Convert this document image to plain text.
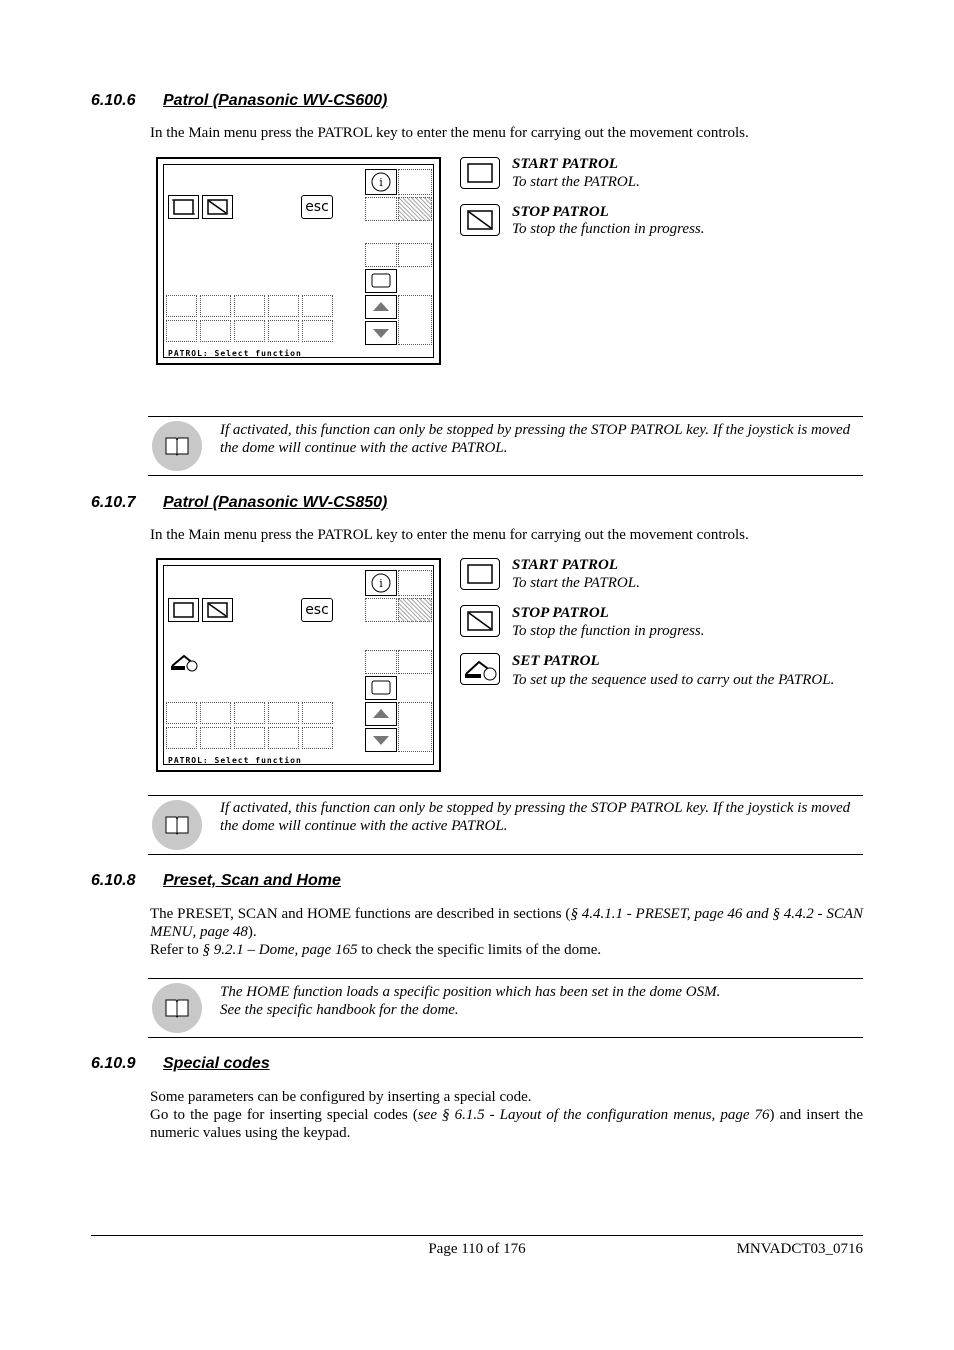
6.10.6 Patrol (Panasonic WV-CS600)
In the Main menu press the PATROL key to enter the menu for carrying out the movement controls.
esc
i
PATROL: Select function
START PATROL
To start the PATROL.
STOP PATROL
To stop the function in progress.
If activated, this function can only be stopped by pressing the STOP PATROL key. If the joystick is moved the dome will continue with the active PATROL.
6.10.7 Patrol (Panasonic WV-CS850)
In the Main menu press the PATROL key to enter the menu for carrying out the movement controls.
esc
i
PATROL: Select function
START PATROL
To start the PATROL.
STOP PATROL
To stop the function in progress.
SET PATROL
To set up the sequence used to carry out the PATROL.
If activated, this function can only be stopped by pressing the STOP PATROL key. If the joystick is moved the dome will continue with the active PATROL.
6.10.8 Preset, Scan and Home
The PRESET, SCAN and HOME functions are described in sections (§ 4.4.1.1 - PRESET, page 46 and § 4.4.2 - SCAN MENU, page 48).
Refer to § 9.2.1 – Dome, page 165 to check the specific limits of the dome.
The HOME function loads a specific position which has been set in the dome OSM.
See the specific handbook for the dome.
6.10.9 Special codes
Some parameters can be configured by inserting a special code.
Go to the page for inserting special codes (see § 6.1.5 - Layout of the configuration menus, page 76) and insert the numeric values using the keypad.
Page 110 of 176	MNVADCT03_0716
